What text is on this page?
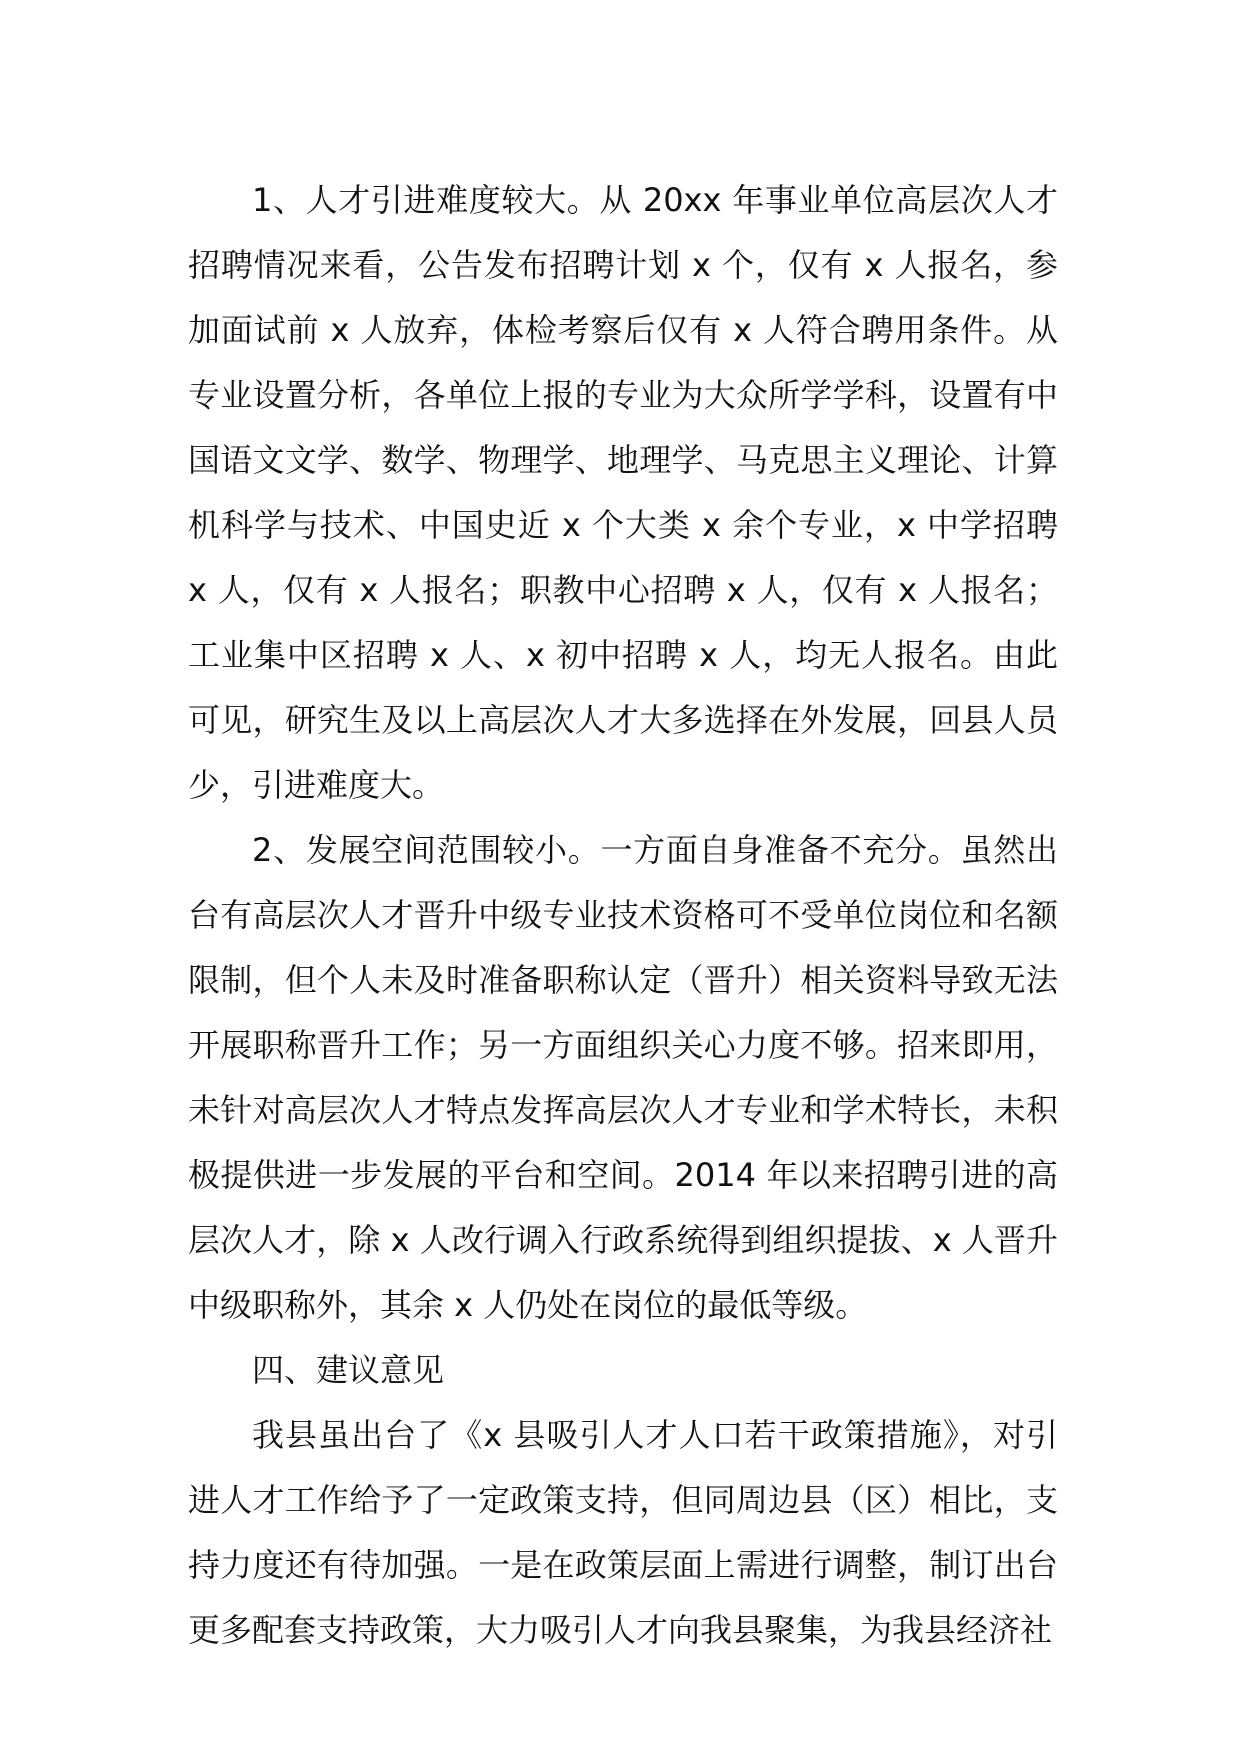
1、人才引进难度较大。从 20xx 年事业单位高层次人才招聘情况来看，公告发布招聘计划 x 个，仅有 x 人报名，参加面试前 x 人放弃，体检考察后仅有 x 人符合聘用条件。从专业设置分析，各单位上报的专业为大众所学学科，设置有中国语文文学、数学、物理学、地理学、马克思主义理论、计算机科学与技术、中国史近 x 个大类 x 余个专业，x 中学招聘 x 人，仅有 x 人报名；职教中心招聘 x 人，仅有 x 人报名；工业集中区招聘 x 人、x 初中招聘 x 人，均无人报名。由此可见，研究生及以上高层次人才大多选择在外发展，回县人员少，引进难度大。

2、发展空间范围较小。一方面自身准备不充分。虽然出台有高层次人才晋升中级专业技术资格可不受单位岗位和名额限制，但个人未及时准备职称认定（晋升）相关资料导致无法开展职称晋升工作；另一方面组织关心力度不够。招来即用，未针对高层次人才特点发挥高层次人才专业和学术特长，未积极提供进一步发展的平台和空间。2014 年以来招聘引进的高层次人才，除 x 人改行调入行政系统得到组织提拔、x 人晋升中级职称外，其余 x 人仍处在岗位的最低等级。

四、建议意见

我县虽出台了《x 县吸引人才人口若干政策措施》，对引进人才工作给予了一定政策支持，但同周边县（区）相比，支持力度还有待加强。一是在政策层面上需进行调整，制订出台更多配套支持政策，大力吸引人才向我县聚集，为我县经济社
